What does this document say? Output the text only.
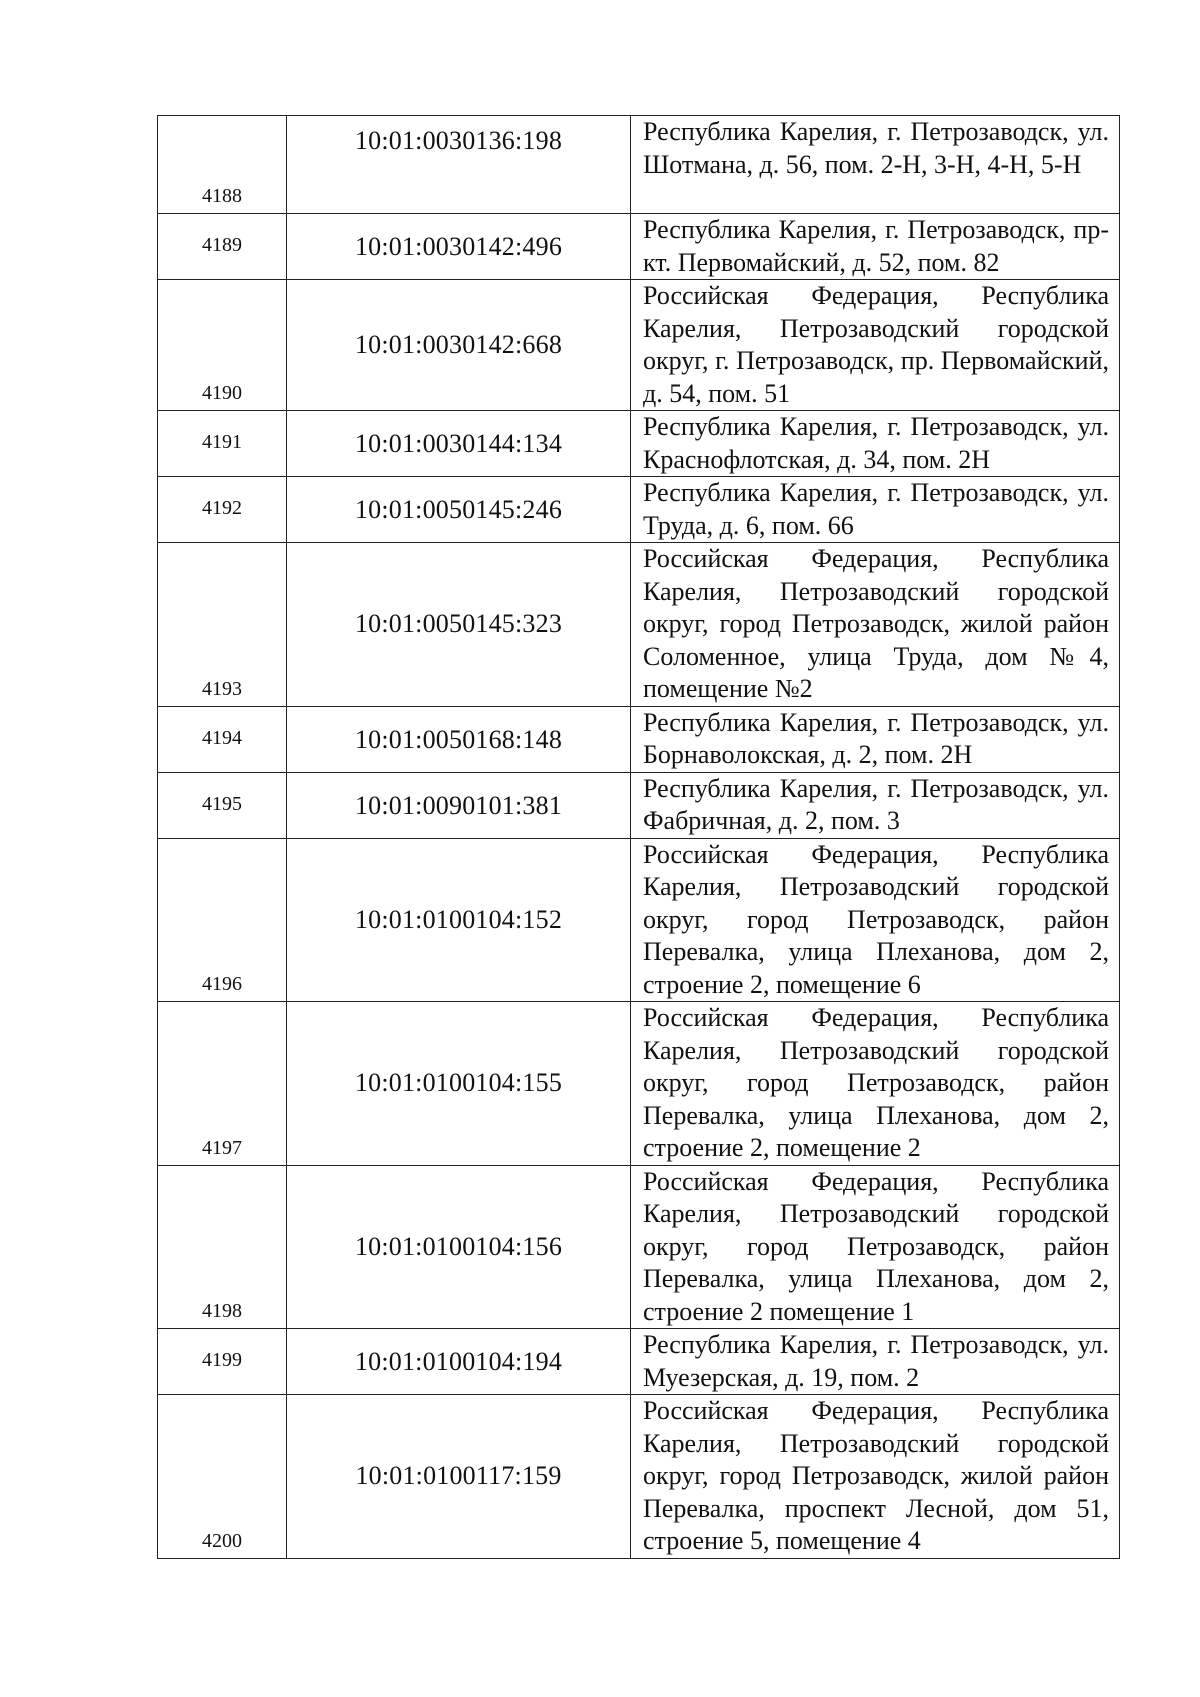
4188	10:01:0030136:198	Республика Карелия, г. Петрозаводск, ул. Шотмана, д. 56, пом. 2-Н, 3-Н, 4-Н, 5-Н

4189	10:01:0030142:496	Республика Карелия, г. Петрозаводск, пр-кт. Первомайский, д. 52, пом. 82

4190	10:01:0030142:668	Российская Федерация, Республика Карелия, Петрозаводский городской округ, г. Петрозаводск, пр. Первомайский, д. 54, пом. 51

4191	10:01:0030144:134	Республика Карелия, г. Петрозаводск, ул. Краснофлотская, д. 34, пом. 2Н

4192	10:01:0050145:246	Республика Карелия, г. Петрозаводск, ул. Труда, д. 6, пом. 66

4193	10:01:0050145:323	Российская Федерация, Республика Карелия, Петрозаводский городской округ, город Петрозаводск, жилой район Соломенное, улица Труда, дом №4, помещение №2

4194	10:01:0050168:148	Республика Карелия, г. Петрозаводск, ул. Борнаволокская, д. 2, пом. 2Н

4195	10:01:0090101:381	Республика Карелия, г. Петрозаводск, ул. Фабричная, д. 2, пом. 3

4196	10:01:0100104:152	Российская Федерация, Республика Карелия, Петрозаводский городской округ, город Петрозаводск, район Перевалка, улица Плеханова, дом 2, строение 2, помещение 6

4197	10:01:0100104:155	Российская Федерация, Республика Карелия, Петрозаводский городской округ, город Петрозаводск, район Перевалка, улица Плеханова, дом 2, строение 2, помещение 2

4198	10:01:0100104:156	Российская Федерация, Республика Карелия, Петрозаводский городской округ, город Петрозаводск, район Перевалка, улица Плеханова, дом 2, строение 2 помещение 1

4199	10:01:0100104:194	Республика Карелия, г. Петрозаводск, ул. Муезерская, д. 19, пом. 2

4200	10:01:0100117:159	Российская Федерация, Республика Карелия, Петрозаводский городской округ, город Петрозаводск, жилой район Перевалка, проспект Лесной, дом 51, строение 5, помещение 4
